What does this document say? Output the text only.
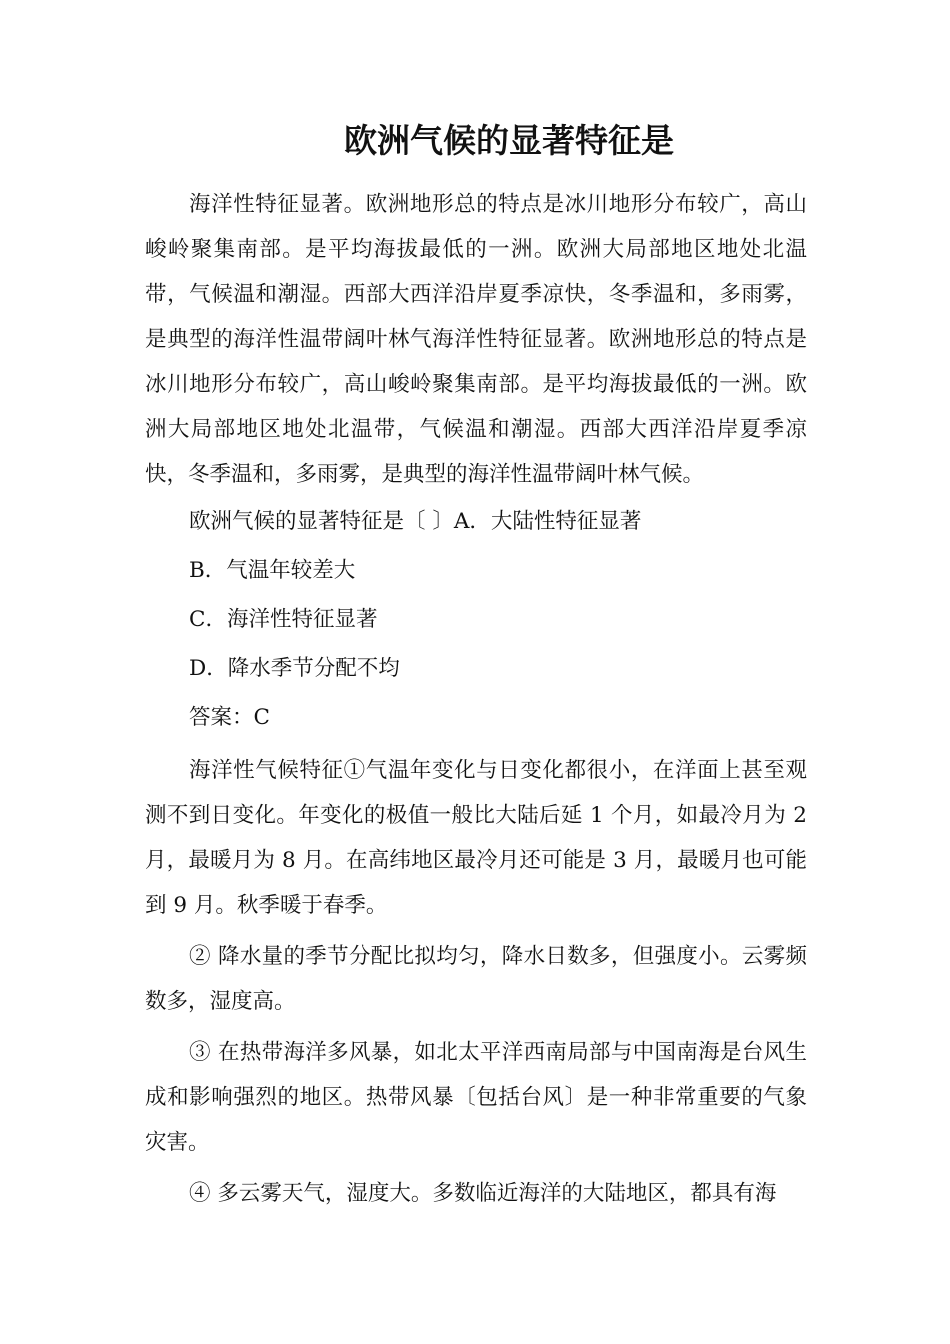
欧洲气候的显著特征是

海洋性特征显著。欧洲地形总的特点是冰川地形分布较广，高山峻岭聚集南部。是平均海拔最低的一洲。欧洲大局部地区地处北温带，气候温和潮湿。西部大西洋沿岸夏季凉快，冬季温和，多雨雾，是典型的海洋性温带阔叶林气海洋性特征显著。欧洲地形总的特点是冰川地形分布较广，高山峻岭聚集南部。是平均海拔最低的一洲。欧洲大局部地区地处北温带，气候温和潮湿。西部大西洋沿岸夏季凉快，冬季温和，多雨雾，是典型的海洋性温带阔叶林气候。

欧洲气候的显著特征是〔 〕A．大陆性特征显著

B．气温年较差大

C．海洋性特征显著

D．降水季节分配不均

答案：C

海洋性气候特征①气温年变化与日变化都很小，在洋面上甚至观测不到日变化。年变化的极值一般比大陆后延 1 个月，如最冷月为 2 月，最暖月为 8 月。在高纬地区最冷月还可能是 3 月，最暖月也可能到 9 月。秋季暖于春季。

② 降水量的季节分配比拟均匀，降水日数多，但强度小。云雾频数多，湿度高。

③ 在热带海洋多风暴，如北太平洋西南局部与中国南海是台风生成和影响强烈的地区。热带风暴〔包括台风〕是一种非常重要的气象灾害。

④ 多云雾天气，湿度大。多数临近海洋的大陆地区，都具有海
